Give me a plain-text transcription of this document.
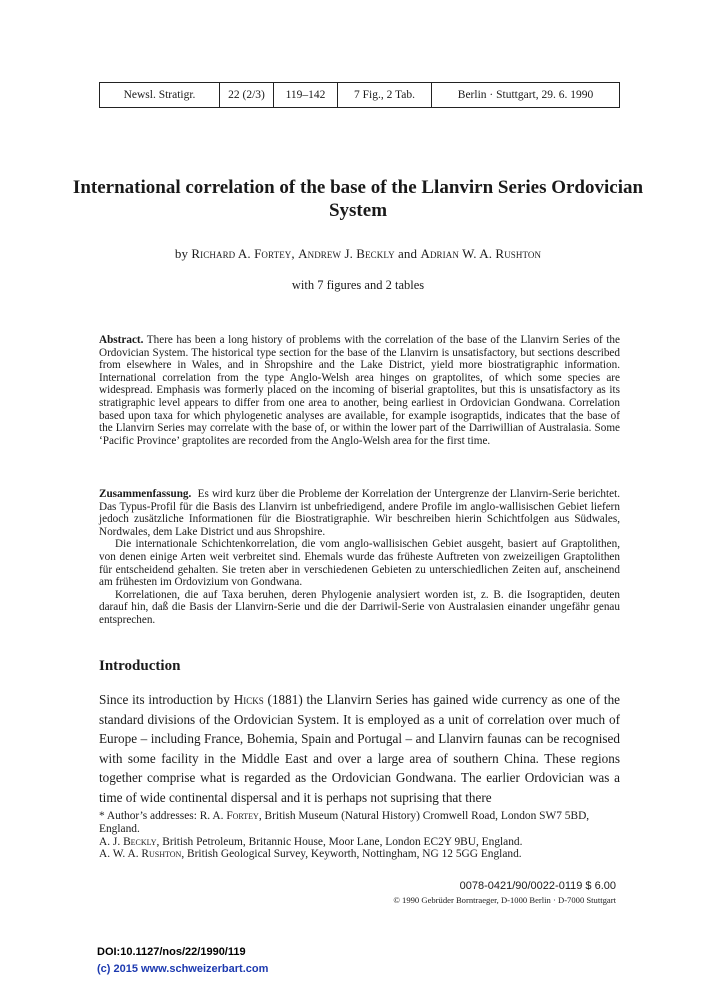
Newsl. Stratigr.	22 (2/3)	119–142	7 Fig., 2 Tab.	Berlin · Stuttgart, 29. 6. 1990
International correlation of the base of the Llanvirn Series Ordovician System
by Richard A. Fortey, Andrew J. Beckly and Adrian W. A. Rushton
with 7 figures and 2 tables
Abstract. There has been a long history of problems with the correlation of the base of the Llanvirn Series of the Ordovician System. The historical type section for the base of the Llanvirn is unsatisfactory, but sections described from elsewhere in Wales, and in Shropshire and the Lake District, yield more biostratigraphic information. International correlation from the type Anglo-Welsh area hinges on graptolites, of which some species are widespread. Emphasis was formerly placed on the incoming of biserial graptolites, but this is unsatisfactory as its stratigraphic level appears to differ from one area to another, being earliest in Ordovician Gondwana. Correlation based upon taxa for which phylogenetic analyses are available, for example isograptids, indicates that the base of the Llanvirn Series may correlate with the base of, or within the lower part of the Darriwillian of Australasia. Some ‘Pacific Province’ graptolites are recorded from the Anglo-Welsh area for the first time.

Zusammenfassung. Es wird kurz über die Probleme der Korrelation der Untergrenze der Llanvirn-Serie berichtet. Das Typus-Profil für die Basis des Llanvirn ist unbefriedigend, andere Profile im anglo-wallisischen Gebiet liefern jedoch zusätzliche Informationen für die Biostratigraphie. Wir beschreiben hierin Schichtfolgen aus Südwales, Nordwales, dem Lake District und aus Shropshire.

Die internationale Schichtenkorrelation, die vom anglo-wallisischen Gebiet ausgeht, basiert auf Graptolithen, von denen einige Arten weit verbreitet sind. Ehemals wurde das früheste Auftreten von zweizeiligen Graptolithen für entscheidend gehalten. Sie treten aber in verschiedenen Gebieten zu unterschiedlichen Zeiten auf, anscheinend am frühesten im Ordovizium von Gondwana.

Korrelationen, die auf Taxa beruhen, deren Phylogenie analysiert worden ist, z. B. die Isograptiden, deuten darauf hin, daß die Basis der Llanvirn-Serie und die der Darriwil-Serie von Australasien einander ungefähr genau entsprechen.

Introduction
Since its introduction by Hicks (1881) the Llanvirn Series has gained wide currency as one of the standard divisions of the Ordovician System. It is employed as a unit of correlation over much of Europe – including France, Bohemia, Spain and Portugal – and Llanvirn faunas can be recognised with some facility in the Middle East and over a large area of southern China. These regions together comprise what is regarded as the Ordovician Gondwana. The earlier Ordovician was a time of wide continental dispersal and it is perhaps not suprising that there
* Author’s addresses: R. A. Fortey, British Museum (Natural History) Cromwell Road, London SW7 5BD, England.
A. J. Beckly, British Petroleum, Britannic House, Moor Lane, London EC2Y 9BU, England.
A. W. A. Rushton, British Geological Survey, Keyworth, Nottingham, NG 12 5GG England.
0078-0421/90/0022-0119 $ 6.00
© 1990 Gebrüder Borntraeger, D-1000 Berlin · D-7000 Stuttgart
DOI:10.1127/nos/22/1990/119
(c) 2015 www.schweizerbart.com
